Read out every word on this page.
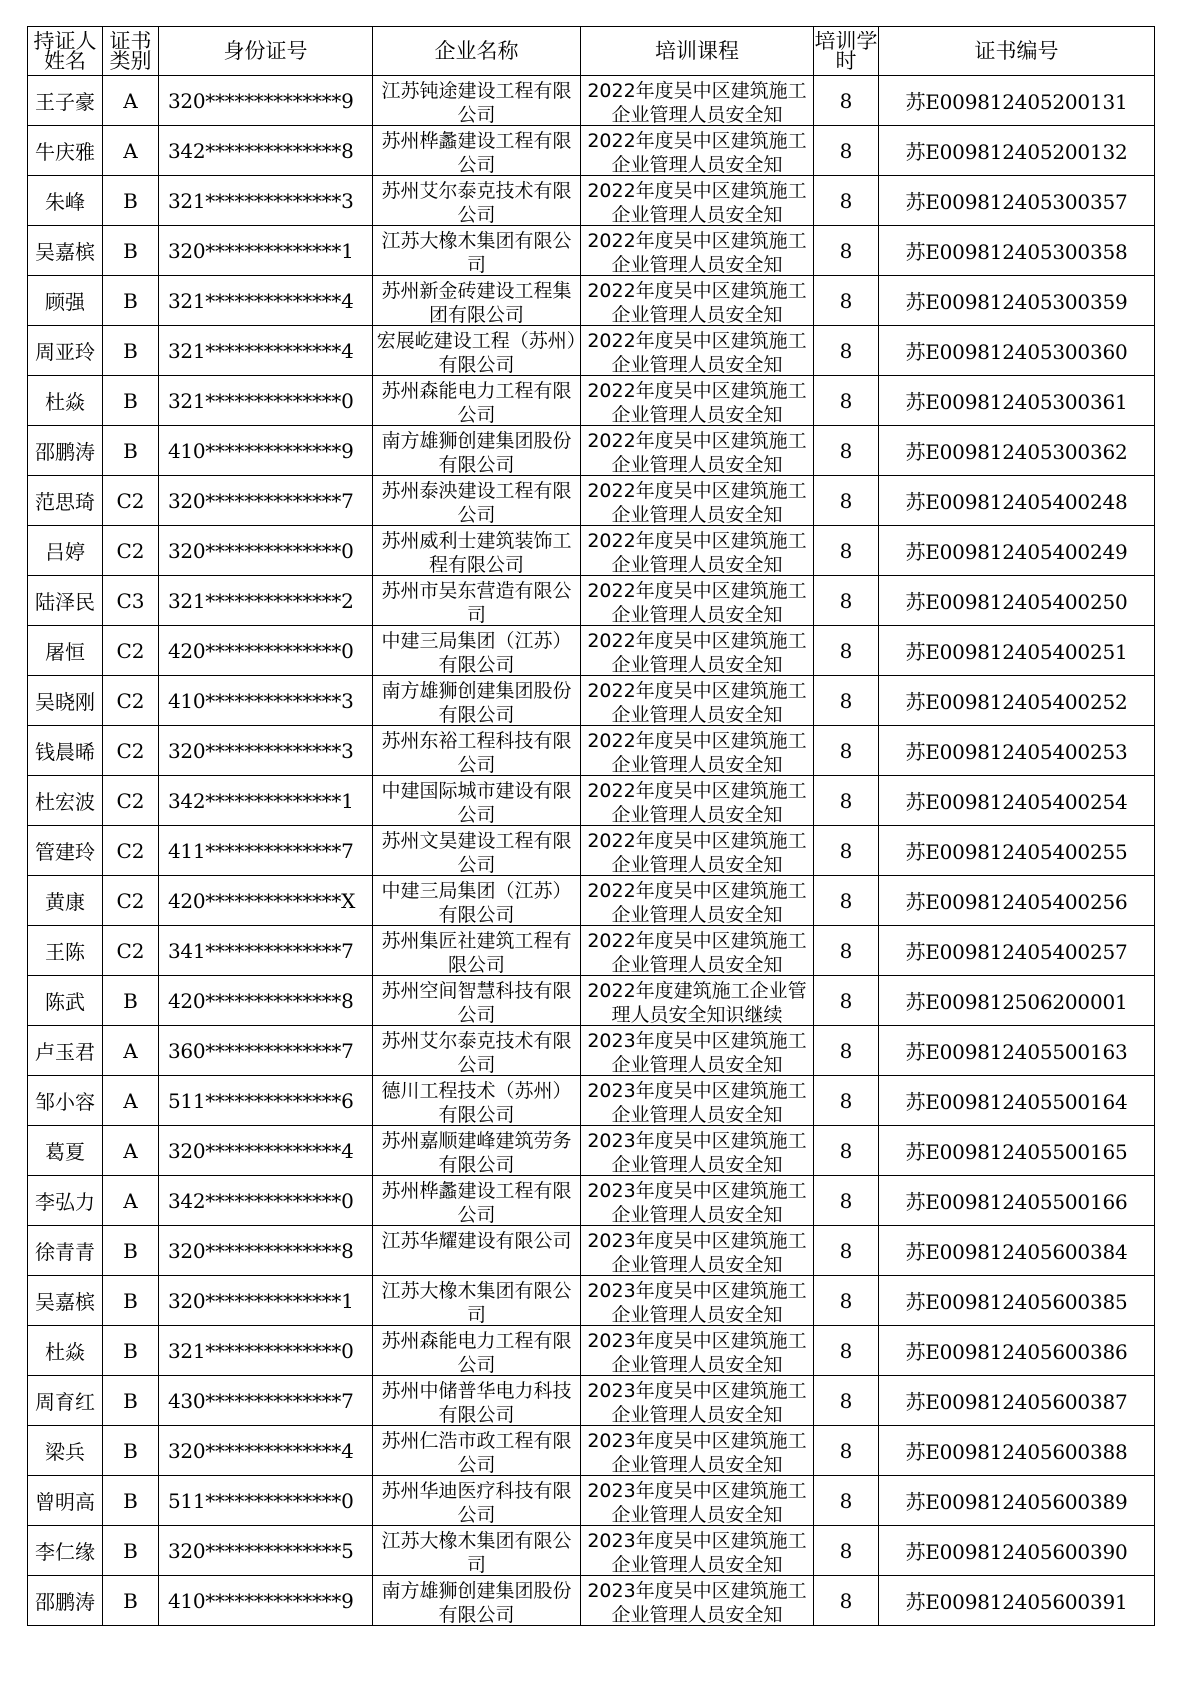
持证人姓名	证书类别	身份证号	企业名称	培训课程	培训学时	证书编号
王子豪	A	320**************9	江苏钝途建设工程有限公司	2022年度吴中区建筑施工企业管理人员安全知	8	苏E009812405200131
牛庆雅	A	342**************8	苏州桦蠡建设工程有限公司	2022年度吴中区建筑施工企业管理人员安全知	8	苏E009812405200132
朱峰	B	321**************3	苏州艾尔泰克技术有限公司	2022年度吴中区建筑施工企业管理人员安全知	8	苏E009812405300357
吴嘉槟	B	320**************1	江苏大橡木集团有限公司	2022年度吴中区建筑施工企业管理人员安全知	8	苏E009812405300358
顾强	B	321**************4	苏州新金砖建设工程集团有限公司	2022年度吴中区建筑施工企业管理人员安全知	8	苏E009812405300359
周亚玲	B	321**************4	宏展屹建设工程（苏州）有限公司	2022年度吴中区建筑施工企业管理人员安全知	8	苏E009812405300360
杜焱	B	321**************0	苏州森能电力工程有限公司	2022年度吴中区建筑施工企业管理人员安全知	8	苏E009812405300361
邵鹏涛	B	410**************9	南方雄狮创建集团股份有限公司	2022年度吴中区建筑施工企业管理人员安全知	8	苏E009812405300362
范思琦	C2	320**************7	苏州泰泱建设工程有限公司	2022年度吴中区建筑施工企业管理人员安全知	8	苏E009812405400248
吕婷	C2	320**************0	苏州威利士建筑装饰工程有限公司	2022年度吴中区建筑施工企业管理人员安全知	8	苏E009812405400249
陆泽民	C3	321**************2	苏州市吴东营造有限公司	2022年度吴中区建筑施工企业管理人员安全知	8	苏E009812405400250
屠恒	C2	420**************0	中建三局集团（江苏）有限公司	2022年度吴中区建筑施工企业管理人员安全知	8	苏E009812405400251
吴晓刚	C2	410**************3	南方雄狮创建集团股份有限公司	2022年度吴中区建筑施工企业管理人员安全知	8	苏E009812405400252
钱晨晞	C2	320**************3	苏州东裕工程科技有限公司	2022年度吴中区建筑施工企业管理人员安全知	8	苏E009812405400253
杜宏波	C2	342**************1	中建国际城市建设有限公司	2022年度吴中区建筑施工企业管理人员安全知	8	苏E009812405400254
管建玲	C2	411**************7	苏州文昊建设工程有限公司	2022年度吴中区建筑施工企业管理人员安全知	8	苏E009812405400255
黄康	C2	420**************X	中建三局集团（江苏）有限公司	2022年度吴中区建筑施工企业管理人员安全知	8	苏E009812405400256
王陈	C2	341**************7	苏州集匠社建筑工程有限公司	2022年度吴中区建筑施工企业管理人员安全知	8	苏E009812405400257
陈武	B	420**************8	苏州空间智慧科技有限公司	2022年度建筑施工企业管理人员安全知识继续	8	苏E009812506200001
卢玉君	A	360**************7	苏州艾尔泰克技术有限公司	2023年度吴中区建筑施工企业管理人员安全知	8	苏E009812405500163
邹小容	A	511**************6	德川工程技术（苏州）有限公司	2023年度吴中区建筑施工企业管理人员安全知	8	苏E009812405500164
葛夏	A	320**************4	苏州嘉顺建峰建筑劳务有限公司	2023年度吴中区建筑施工企业管理人员安全知	8	苏E009812405500165
李弘力	A	342**************0	苏州桦蠡建设工程有限公司	2023年度吴中区建筑施工企业管理人员安全知	8	苏E009812405500166
徐青青	B	320**************8	江苏华耀建设有限公司	2023年度吴中区建筑施工企业管理人员安全知	8	苏E009812405600384
吴嘉槟	B	320**************1	江苏大橡木集团有限公司	2023年度吴中区建筑施工企业管理人员安全知	8	苏E009812405600385
杜焱	B	321**************0	苏州森能电力工程有限公司	2023年度吴中区建筑施工企业管理人员安全知	8	苏E009812405600386
周育红	B	430**************7	苏州中储普华电力科技有限公司	2023年度吴中区建筑施工企业管理人员安全知	8	苏E009812405600387
梁兵	B	320**************4	苏州仁浩市政工程有限公司	2023年度吴中区建筑施工企业管理人员安全知	8	苏E009812405600388
曾明高	B	511**************0	苏州华迪医疗科技有限公司	2023年度吴中区建筑施工企业管理人员安全知	8	苏E009812405600389
李仁缘	B	320**************5	江苏大橡木集团有限公司	2023年度吴中区建筑施工企业管理人员安全知	8	苏E009812405600390
邵鹏涛	B	410**************9	南方雄狮创建集团股份有限公司	2023年度吴中区建筑施工企业管理人员安全知	8	苏E009812405600391
